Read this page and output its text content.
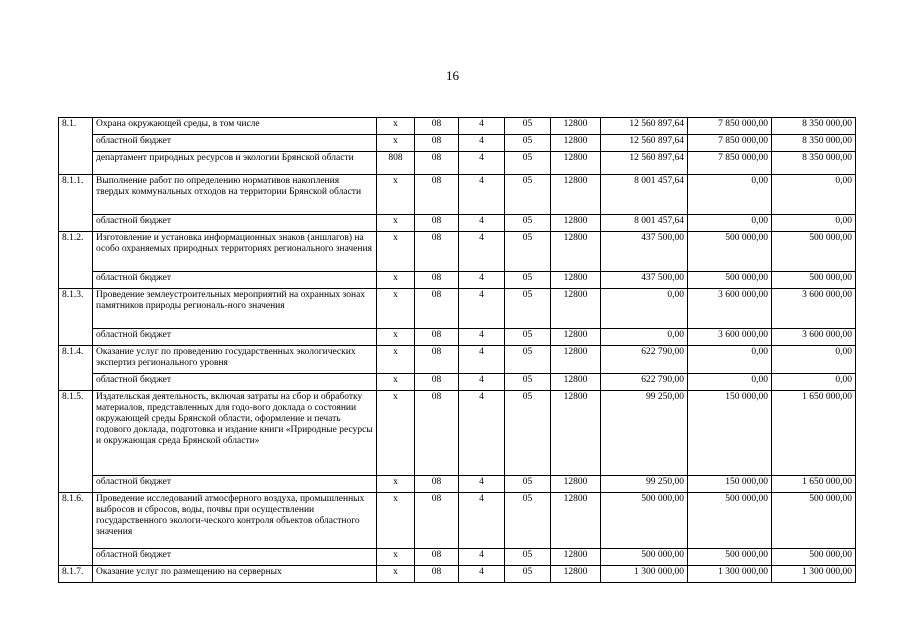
16
8.1.	Охрана окружающей среды, в том числе	х	08	4	05	12800	12 560 897,64	7 850 000,00	8 350 000,00
	областной бюджет	х	08	4	05	12800	12 560 897,64	7 850 000,00	8 350 000,00
	департамент природных ресурсов и экологии Брянской области	808	08	4	05	12800	12 560 897,64	7 850 000,00	8 350 000,00
8.1.1.	Выполнение работ по определению нормативов накопления твердых коммунальных отходов на территории Брянской области	х	08	4	05	12800	8 001 457,64	0,00	0,00
	областной бюджет	х	08	4	05	12800	8 001 457,64	0,00	0,00
8.1.2.	Изготовление и установка информационных знаков (аншлагов) на особо охраняемых природных территориях регионального значения	х	08	4	05	12800	437 500,00	500 000,00	500 000,00
	областной бюджет	х	08	4	05	12800	437 500,00	500 000,00	500 000,00
8.1.3.	Проведение землеустроительных мероприятий на охранных зонах памятников природы региональ-ного значения	х	08	4	05	12800	0,00	3 600 000,00	3 600 000,00
	областной бюджет	х	08	4	05	12800	0,00	3 600 000,00	3 600 000,00
8.1.4.	Оказание услуг по проведению государственных экологических экспертиз регионального уровня	х	08	4	05	12800	622 790,00	0,00	0,00
	областной бюджет	х	08	4	05	12800	622 790,00	0,00	0,00
8.1.5.	Издательская деятельность, включая затраты на сбор и обработку материалов, представленных для годо-вого доклада о состоянии окружающей среды Брянской области, оформление и печать годового доклада, подготовка и издание книги «Природные ресурсы и окружающая среда Брянской области»	х	08	4	05	12800	99 250,00	150 000,00	1 650 000,00
	областной бюджет	х	08	4	05	12800	99 250,00	150 000,00	1 650 000,00
8.1.6.	Проведение исследований атмосферного воздуха, промышленных выбросов и сбросов, воды, почвы при осуществлении государственного экологи-ческого контроля объектов областного значения	х	08	4	05	12800	500 000,00	500 000,00	500 000,00
	областной бюджет	х	08	4	05	12800	500 000,00	500 000,00	500 000,00
8.1.7.	Оказание услуг по размещению на серверных	х	08	4	05	12800	1 300 000,00	1 300 000,00	1 300 000,00
